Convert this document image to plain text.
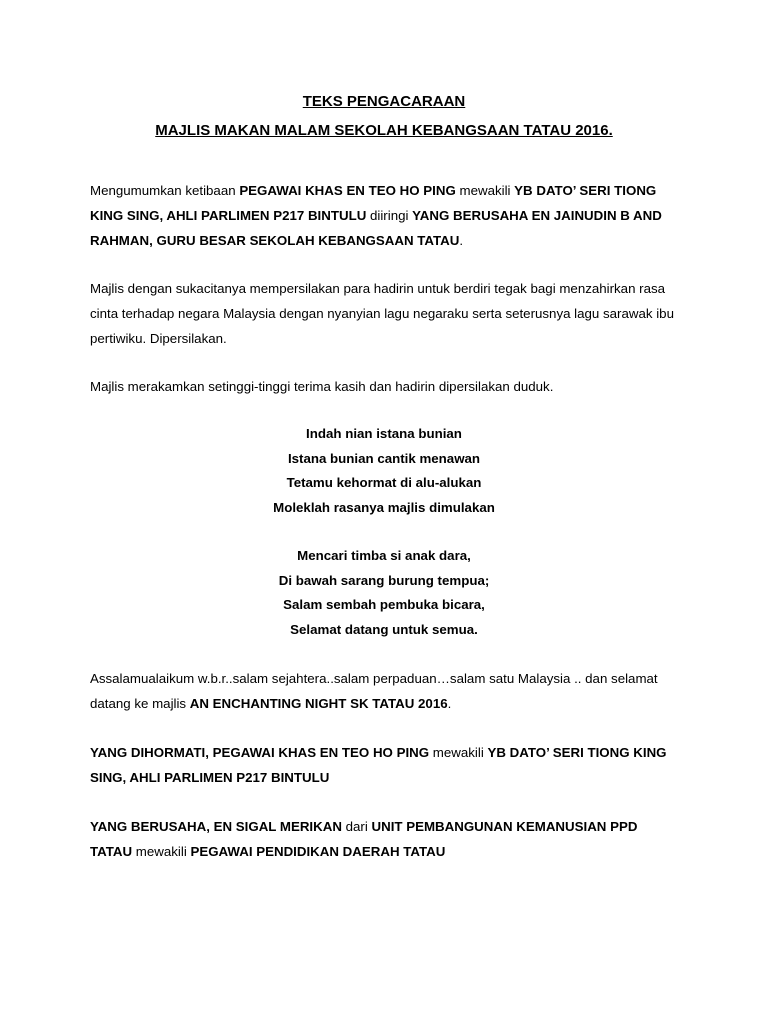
TEKS PENGACARAAN

MAJLIS MAKAN MALAM SEKOLAH KEBANGSAAN TATAU 2016.

Mengumumkan ketibaan PEGAWAI KHAS EN TEO HO PING mewakili YB DATO’ SERI TIONG KING SING, AHLI PARLIMEN P217 BINTULU diiringi YANG BERUSAHA EN JAINUDIN B AND RAHMAN, GURU BESAR SEKOLAH KEBANGSAAN TATAU.

Majlis dengan sukacitanya mempersilakan para hadirin untuk berdiri tegak bagi menzahirkan rasa cinta terhadap negara Malaysia dengan nyanyian lagu negaraku serta seterusnya lagu sarawak ibu pertiwiku. Dipersilakan.

Majlis merakamkan setinggi-tinggi terima kasih dan hadirin dipersilakan duduk.

Indah nian istana bunian

Istana bunian cantik menawan

Tetamu kehormat di alu-alukan

Moleklah rasanya majlis dimulakan

Mencari timba si anak dara,

Di bawah sarang burung tempua;

Salam sembah pembuka bicara,

Selamat datang untuk semua.

Assalamualaikum w.b.r..salam sejahtera..salam perpaduan…salam satu Malaysia .. dan selamat datang ke majlis AN ENCHANTING NIGHT SK TATAU 2016.

YANG DIHORMATI, PEGAWAI KHAS EN TEO HO PING mewakili YB DATO’ SERI TIONG KING SING, AHLI PARLIMEN P217 BINTULU

YANG BERUSAHA, EN SIGAL MERIKAN dari UNIT PEMBANGUNAN KEMANUSIAN PPD TATAU mewakili PEGAWAI PENDIDIKAN DAERAH TATAU
